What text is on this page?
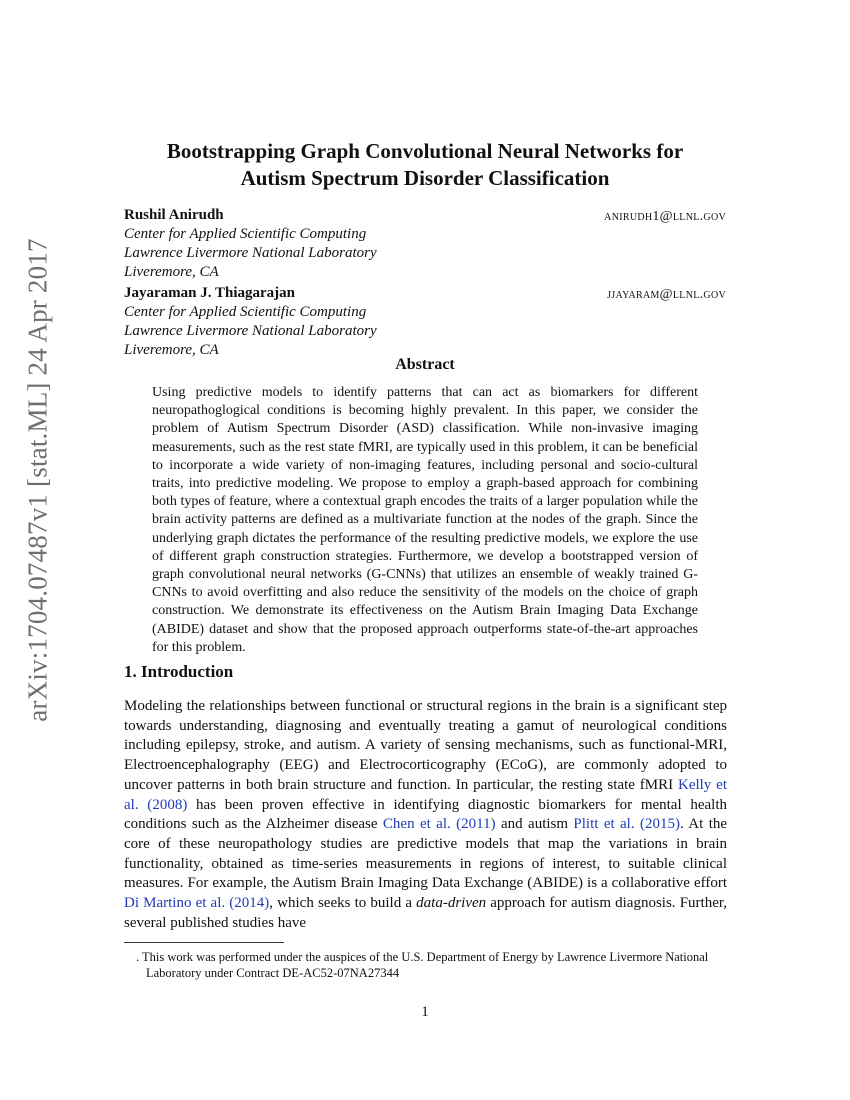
arXiv:1704.07487v1 [stat.ML] 24 Apr 2017
Bootstrapping Graph Convolutional Neural Networks for
Autism Spectrum Disorder Classification
Rushil Anirudh	anirudh1@llnl.gov
Center for Applied Scientific Computing
Lawrence Livermore National Laboratory
Liveremore, CA
Jayaraman J. Thiagarajan	jjayaram@llnl.gov
Center for Applied Scientific Computing
Lawrence Livermore National Laboratory
Liveremore, CA
Abstract
Using predictive models to identify patterns that can act as biomarkers for different neuropathoglogical conditions is becoming highly prevalent. In this paper, we consider the problem of Autism Spectrum Disorder (ASD) classification. While non-invasive imaging measurements, such as the rest state fMRI, are typically used in this problem, it can be beneficial to incorporate a wide variety of non-imaging features, including personal and socio-cultural traits, into predictive modeling. We propose to employ a graph-based approach for combining both types of feature, where a contextual graph encodes the traits of a larger population while the brain activity patterns are defined as a multivariate function at the nodes of the graph. Since the underlying graph dictates the performance of the resulting predictive models, we explore the use of different graph construction strategies. Furthermore, we develop a bootstrapped version of graph convolutional neural networks (G-CNNs) that utilizes an ensemble of weakly trained G-CNNs to avoid overfitting and also reduce the sensitivity of the models on the choice of graph construction. We demonstrate its effectiveness on the Autism Brain Imaging Data Exchange (ABIDE) dataset and show that the proposed approach outperforms state-of-the-art approaches for this problem.
1. Introduction
Modeling the relationships between functional or structural regions in the brain is a significant step towards understanding, diagnosing and eventually treating a gamut of neurological conditions including epilepsy, stroke, and autism. A variety of sensing mechanisms, such as functional-MRI, Electroencephalography (EEG) and Electrocorticography (ECoG), are commonly adopted to uncover patterns in both brain structure and function. In particular, the resting state fMRI Kelly et al. (2008) has been proven effective in identifying diagnostic biomarkers for mental health conditions such as the Alzheimer disease Chen et al. (2011) and autism Plitt et al. (2015). At the core of these neuropathology studies are predictive models that map the variations in brain functionality, obtained as time-series measurements in regions of interest, to suitable clinical measures. For example, the Autism Brain Imaging Data Exchange (ABIDE) is a collaborative effort Di Martino et al. (2014), which seeks to build a data-driven approach for autism diagnosis. Further, several published studies have
. This work was performed under the auspices of the U.S. Department of Energy by Lawrence Livermore National Laboratory under Contract DE-AC52-07NA27344
1
